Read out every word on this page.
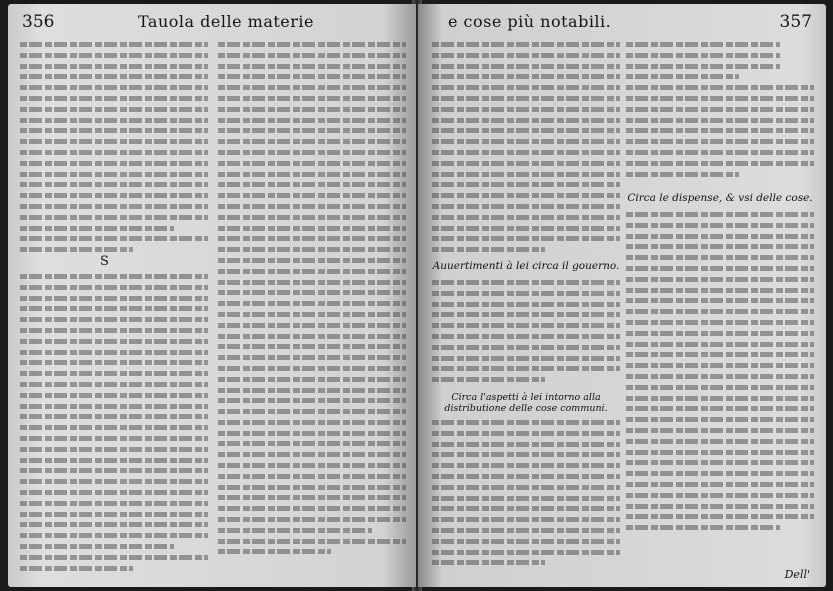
356	Tauola delle materie
S
e cose più notabili.	357
Auuertimenti à lei circa il gouerno.
Circa l'aspetti à lei intorno alla distributione delle cose communi.
Circa le dispense, & vsi delle cose.
Dell'
